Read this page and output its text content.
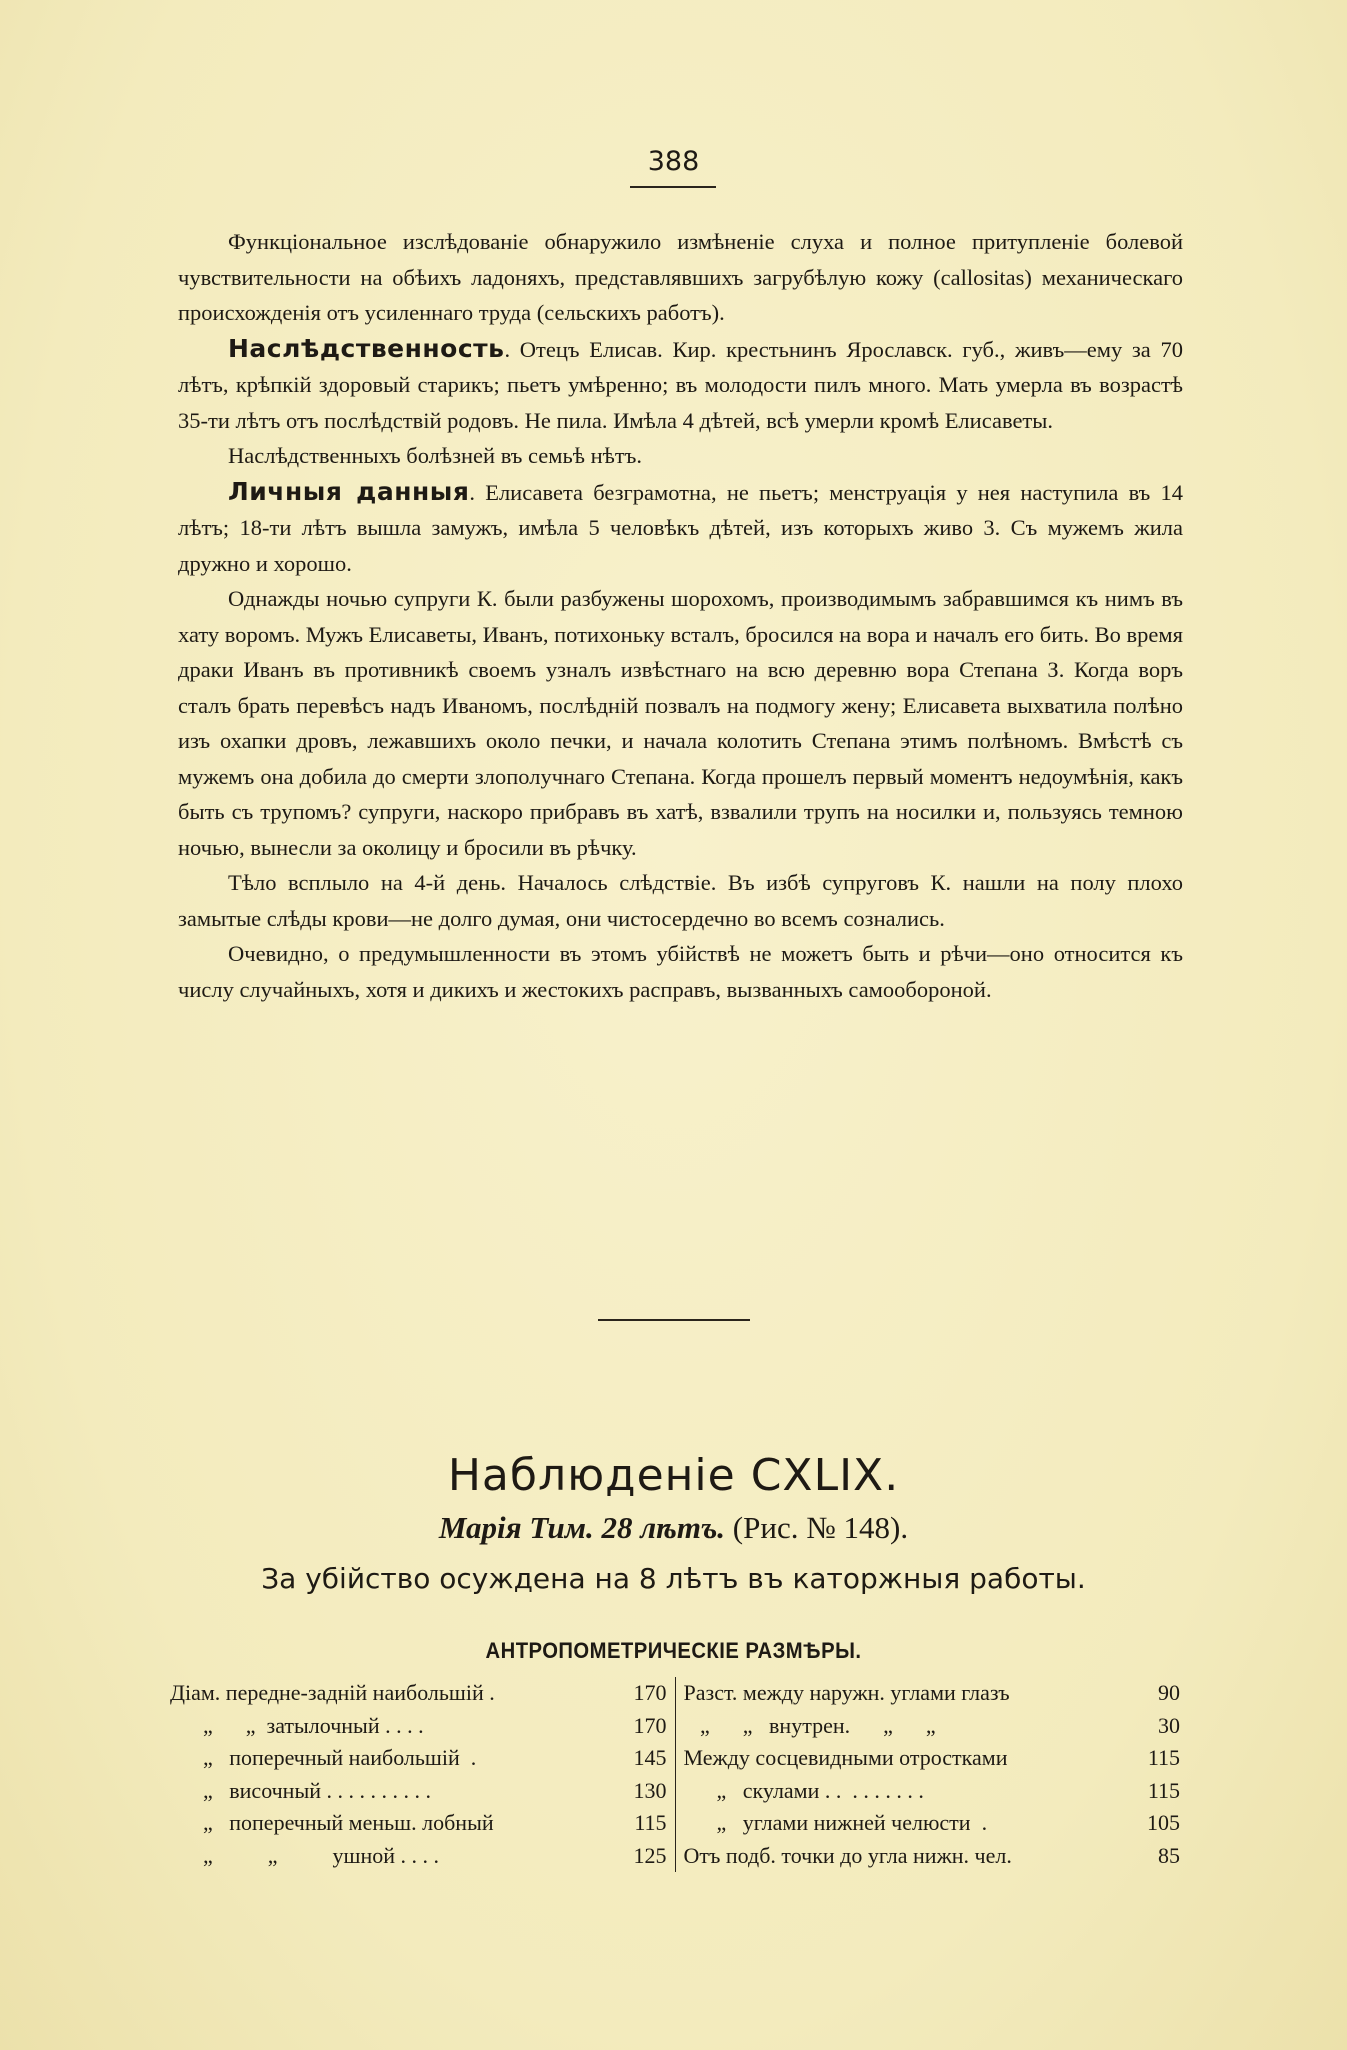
388

Функціональное изслѣдованіе обнаружило измѣненіе слуха и полное притупленіе болевой чувствительности на обѣихъ ладоняхъ, представлявшихъ загрубѣлую кожу (callositas) механическаго происхожденія отъ усиленнаго труда (сельскихъ работъ).

Наслѣдственность. Отецъ Елисав. Кир. крестьнинъ Ярославск. губ., живъ—ему за 70 лѣтъ, крѣпкій здоровый старикъ; пьетъ умѣренно; въ молодости пилъ много. Мать умерла въ возрастѣ 35-ти лѣтъ отъ послѣдствій родовъ. Не пила. Имѣла 4 дѣтей, всѣ умерли кромѣ Елисаветы.

Наслѣдственныхъ болѣзней въ семьѣ нѣтъ.

Личныя данныя. Елисавета безграмотна, не пьетъ; менструація у нея наступила въ 14 лѣтъ; 18-ти лѣтъ вышла замужъ, имѣла 5 человѣкъ дѣтей, изъ которыхъ живо 3. Съ мужемъ жила дружно и хорошо.

Однажды ночью супруги К. были разбужены шорохомъ, производимымъ забравшимся къ нимъ въ хату воромъ. Мужъ Елисаветы, Иванъ, потихоньку всталъ, бросился на вора и началъ его бить. Во время драки Иванъ въ противникѣ своемъ узналъ извѣстнаго на всю деревню вора Степана З. Когда воръ сталъ брать перевѣсъ надъ Иваномъ, послѣдній позвалъ на подмогу жену; Елисавета выхватила полѣно изъ охапки дровъ, лежавшихъ около печки, и начала колотить Степана этимъ полѣномъ. Вмѣстѣ съ мужемъ она добила до смерти злополучнаго Степана. Когда прошелъ первый моментъ недоумѣнія, какъ быть съ трупомъ? супруги, наскоро прибравъ въ хатѣ, взвалили трупъ на носилки и, пользуясь темною ночью, вынесли за околицу и бросили въ рѣчку.

Тѣло всплыло на 4-й день. Началось слѣдствіе. Въ избѣ супруговъ К. нашли на полу плохо замытые слѣды крови—не долго думая, они чистосердечно во всемъ сознались.

Очевидно, о предумышленности въ этомъ убійствѣ не можетъ быть и рѣчи—оно относится къ числу случайныхъ, хотя и дикихъ и жестокихъ расправъ, вызванныхъ самообороной.

Наблюденіе CXLIX.
Марія Тим. 28 лѣтъ. (Рис. № 148).
За убійство осуждена на 8 лѣтъ въ каторжныя работы.
АНТРОПОМЕТРИЧЕСКІЕ РАЗМѢРЫ.
Діам. передне-задній наибольшій .	170
„      „  затылочный . . . .	170
„   поперечный наибольшій  .	145
„   височный . . . . . . . . . .	130
„   поперечный меньш. лобный	115
„          „          ушной . . . .	125
Разст. между наружн. углами глазъ	90
„      „   внутрен.      „      „	30
Между сосцевидными отростками	115
„   скулами . .  . . . . . . .	115
„   углами нижней челюсти  .	105
Отъ подб. точки до угла нижн. чел.	85
